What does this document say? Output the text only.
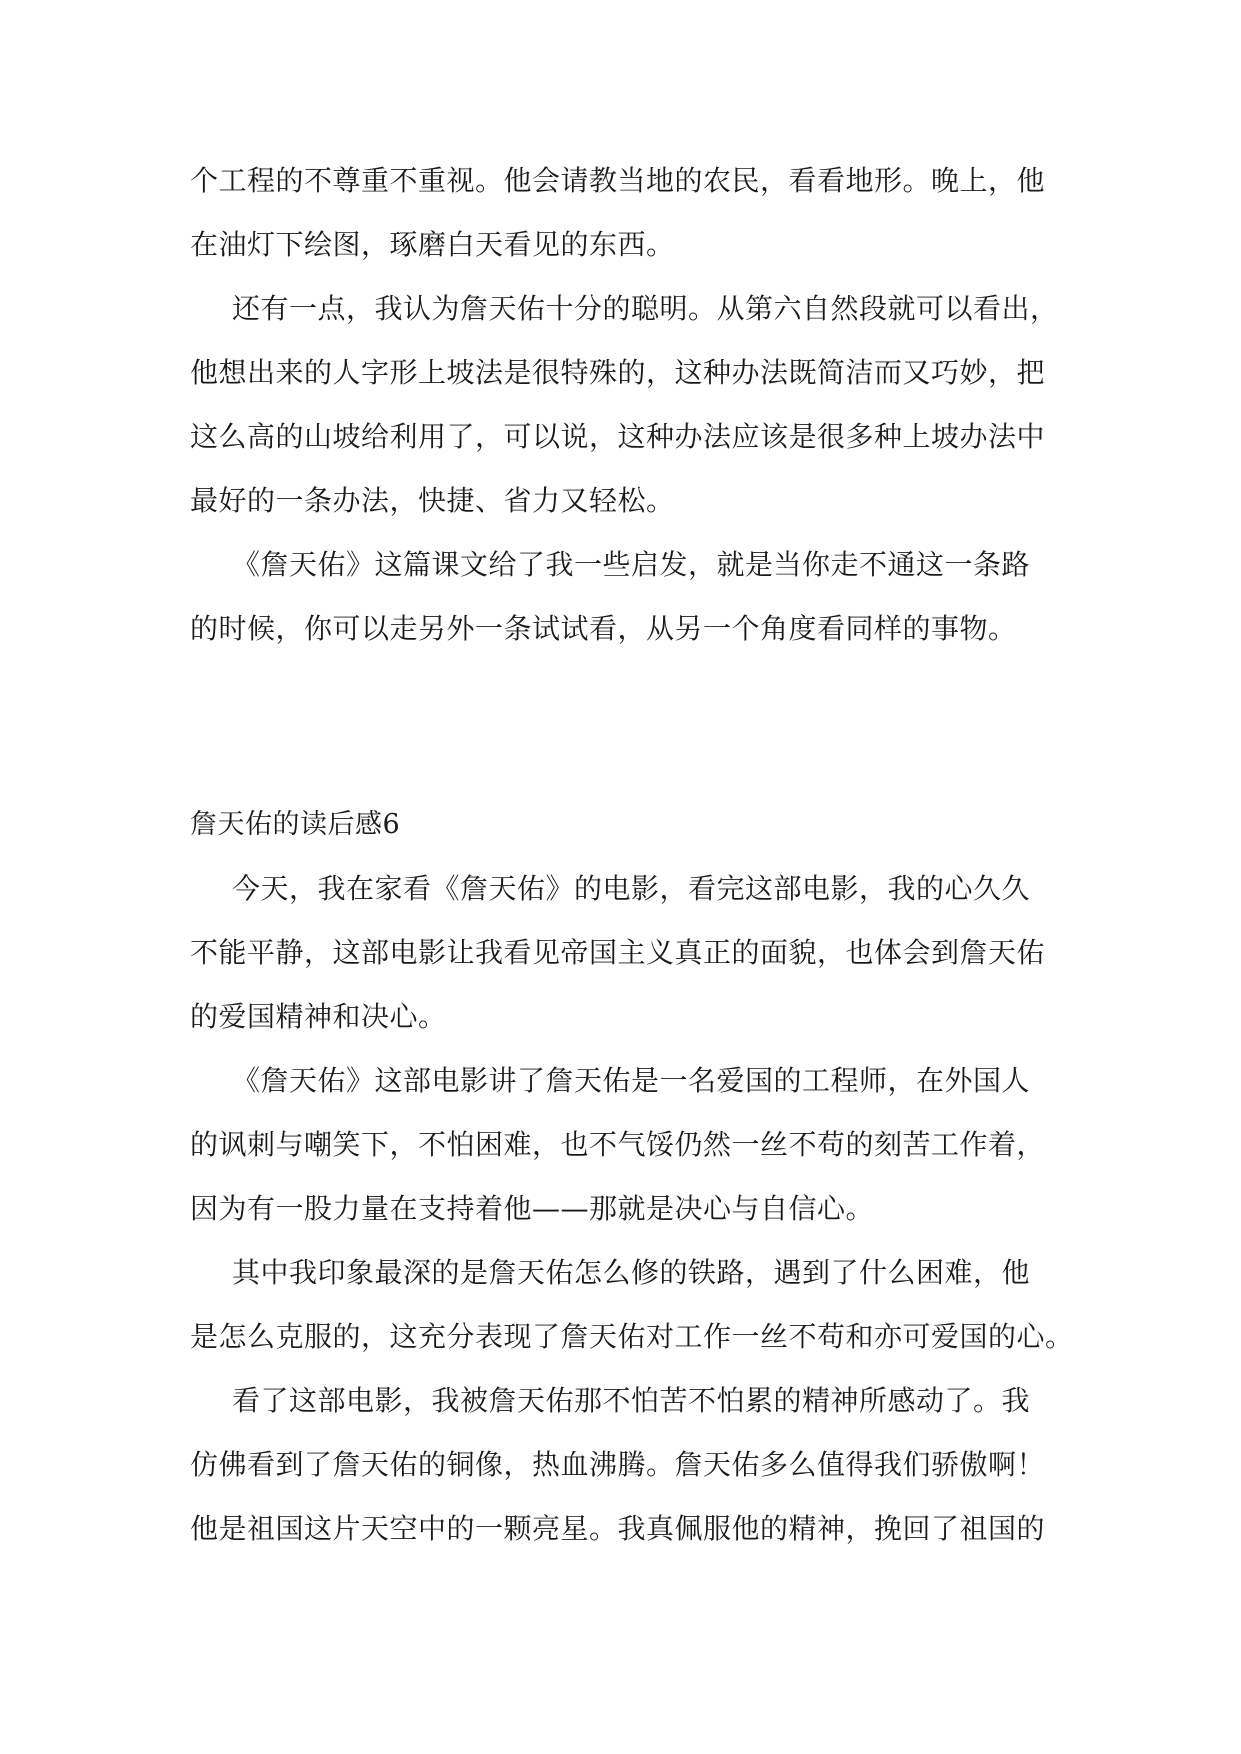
个工程的不尊重不重视。他会请教当地的农民，看看地形。晚上，他
在油灯下绘图，琢磨白天看见的东西。
还有一点，我认为詹天佑十分的聪明。从第六自然段就可以看出，
他想出来的人字形上坡法是很特殊的，这种办法既简洁而又巧妙，把
这么高的山坡给利用了，可以说，这种办法应该是很多种上坡办法中
最好的一条办法，快捷、省力又轻松。
《詹天佑》这篇课文给了我一些启发，就是当你走不通这一条路
的时候，你可以走另外一条试试看，从另一个角度看同样的事物。
詹天佑的读后感6
今天，我在家看《詹天佑》的电影，看完这部电影，我的心久久
不能平静，这部电影让我看见帝国主义真正的面貌，也体会到詹天佑
的爱国精神和决心。
《詹天佑》这部电影讲了詹天佑是一名爱国的工程师，在外国人
的讽刺与嘲笑下，不怕困难，也不气馁仍然一丝不苟的刻苦工作着，
因为有一股力量在支持着他——那就是决心与自信心。
其中我印象最深的是詹天佑怎么修的铁路，遇到了什么困难，他
是怎么克服的，这充分表现了詹天佑对工作一丝不苟和亦可爱国的心。
看了这部电影，我被詹天佑那不怕苦不怕累的精神所感动了。我
仿佛看到了詹天佑的铜像，热血沸腾。詹天佑多么值得我们骄傲啊！
他是祖国这片天空中的一颗亮星。我真佩服他的精神，挽回了祖国的
